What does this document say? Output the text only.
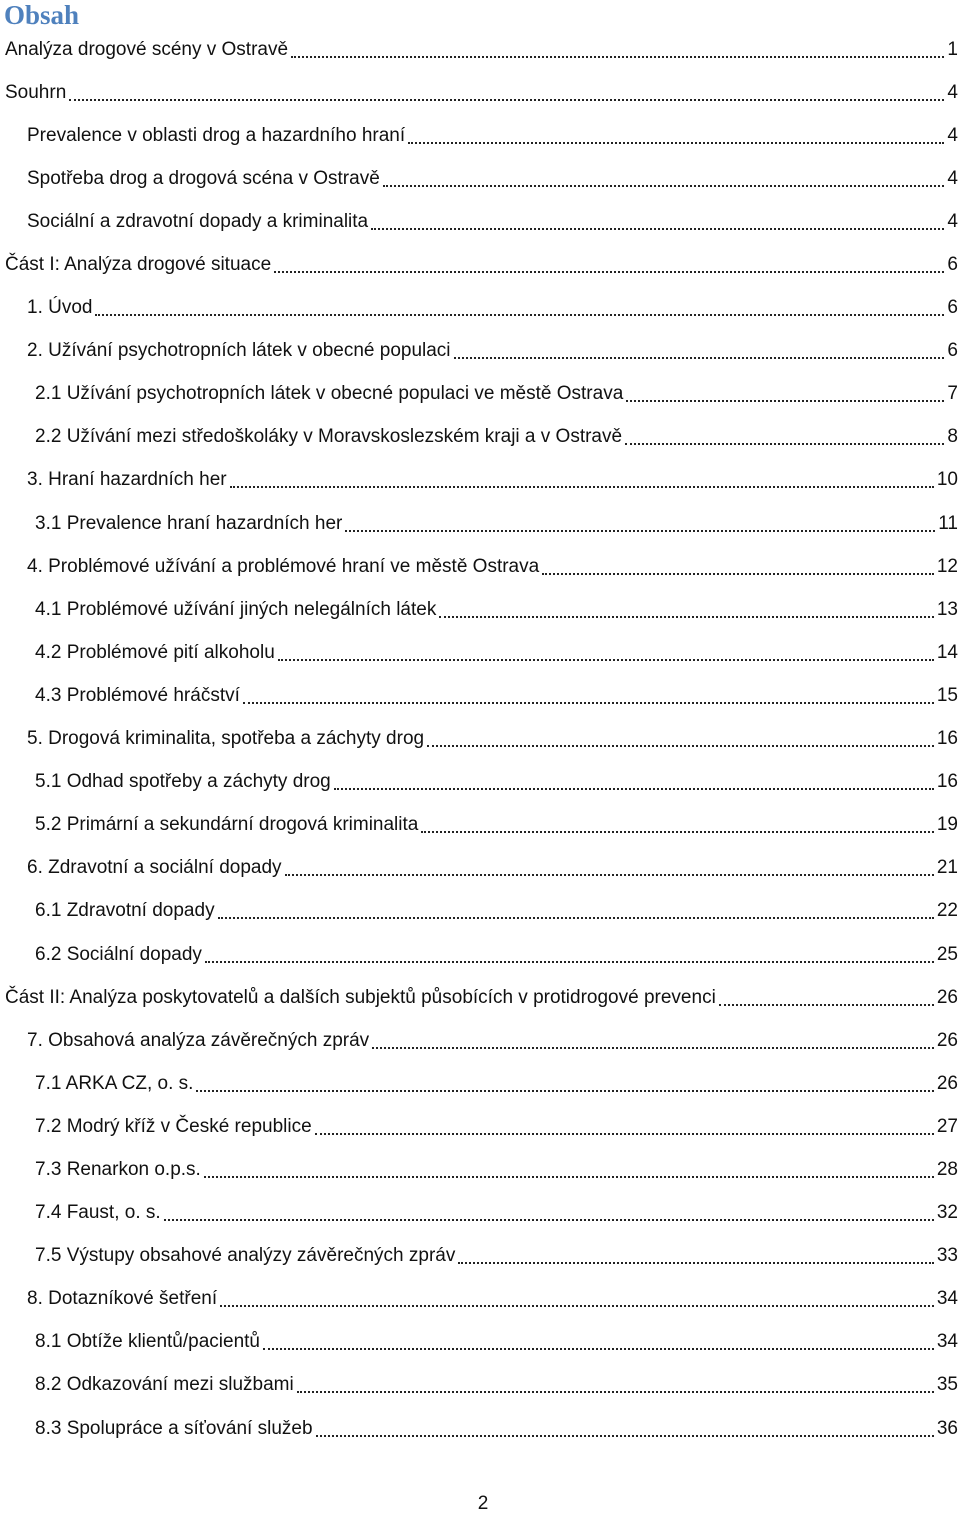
Obsah
Analýza drogové scény v Ostravě	1
Souhrn	4
Prevalence v oblasti drog a hazardního hraní	4
Spotřeba drog a drogová scéna v Ostravě	4
Sociální a zdravotní dopady a kriminalita	4
Část I: Analýza drogové situace	6
1. Úvod	6
2. Užívání psychotropních látek v obecné populaci	6
2.1 Užívání psychotropních látek v obecné populaci ve městě Ostrava	7
2.2 Užívání mezi středoškoláky v Moravskoslezském kraji a v Ostravě	8
3. Hraní hazardních her	10
3.1 Prevalence hraní hazardních her	11
4. Problémové užívání a problémové hraní ve městě Ostrava	12
4.1 Problémové užívání jiných nelegálních látek	13
4.2 Problémové pití alkoholu	14
4.3 Problémové hráčství	15
5. Drogová kriminalita, spotřeba a záchyty drog	16
5.1 Odhad spotřeby a záchyty drog	16
5.2 Primární a sekundární drogová kriminalita	19
6. Zdravotní a sociální dopady	21
6.1 Zdravotní dopady	22
6.2 Sociální dopady	25
Část II: Analýza poskytovatelů a dalších subjektů působících v protidrogové prevenci	26
7. Obsahová analýza závěrečných zpráv	26
7.1 ARKA CZ, o. s.	26
7.2 Modrý kříž v České republice	27
7.3 Renarkon o.p.s.	28
7.4 Faust, o. s.	32
7.5 Výstupy obsahové analýzy závěrečných zpráv	33
8. Dotazníkové šetření	34
8.1 Obtíže klientů/pacientů	34
8.2 Odkazování mezi službami	35
8.3 Spolupráce a síťování služeb	36
2
